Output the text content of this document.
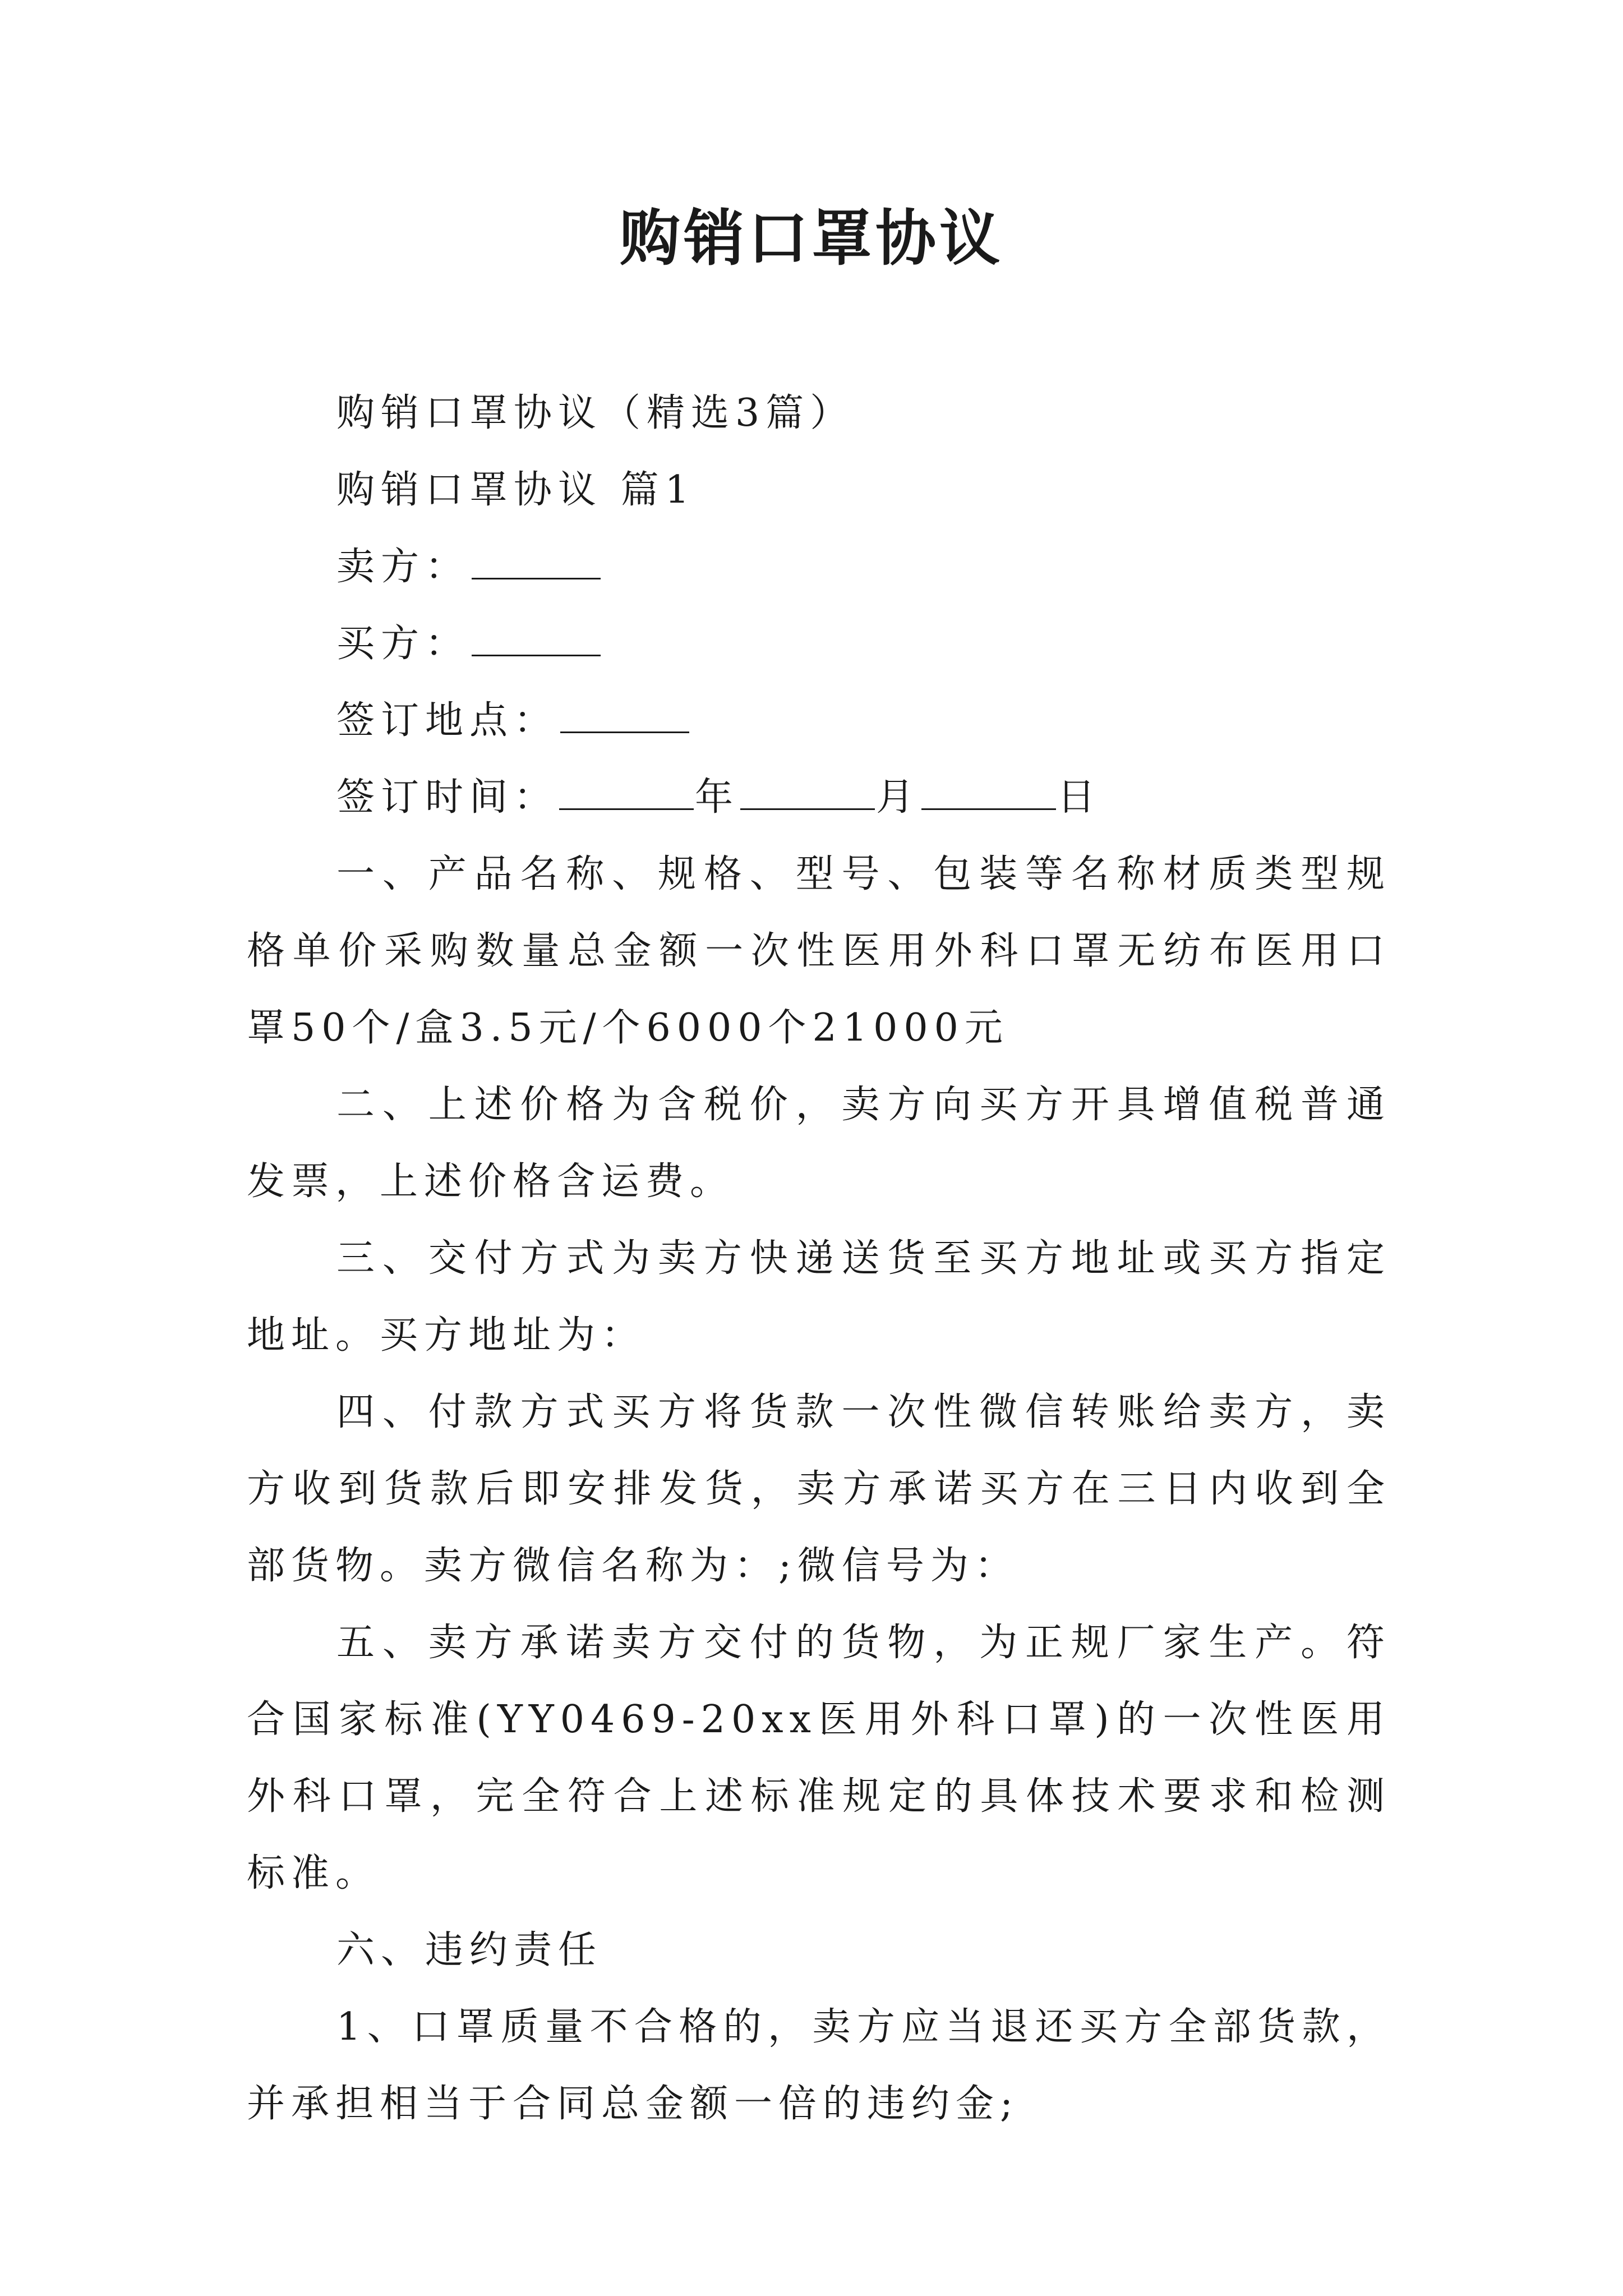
购销口罩协议

购销口罩协议（精选3篇）

购销口罩协议 篇1

卖方：

买方：

签订地点：

签订时间：	年	月	日

一、产品名称、规格、型号、包装等名称材质类型规格单价采购数量总金额一次性医用外科口罩无纺布医用口罩50个/盒3.5元/个6000个21000元

二、上述价格为含税价，卖方向买方开具增值税普通发票，上述价格含运费。

三、交付方式为卖方快递送货至买方地址或买方指定地址。买方地址为：

四、付款方式买方将货款一次性微信转账给卖方，卖方收到货款后即安排发货，卖方承诺买方在三日内收到全部货物。卖方微信名称为：;微信号为：

五、卖方承诺卖方交付的货物，为正规厂家生产。符合国家标准(YY0469-20xx医用外科口罩)的一次性医用外科口罩，完全符合上述标准规定的具体技术要求和检测标准。

六、违约责任

1、口罩质量不合格的，卖方应当退还买方全部货款，并承担相当于合同总金额一倍的违约金;
